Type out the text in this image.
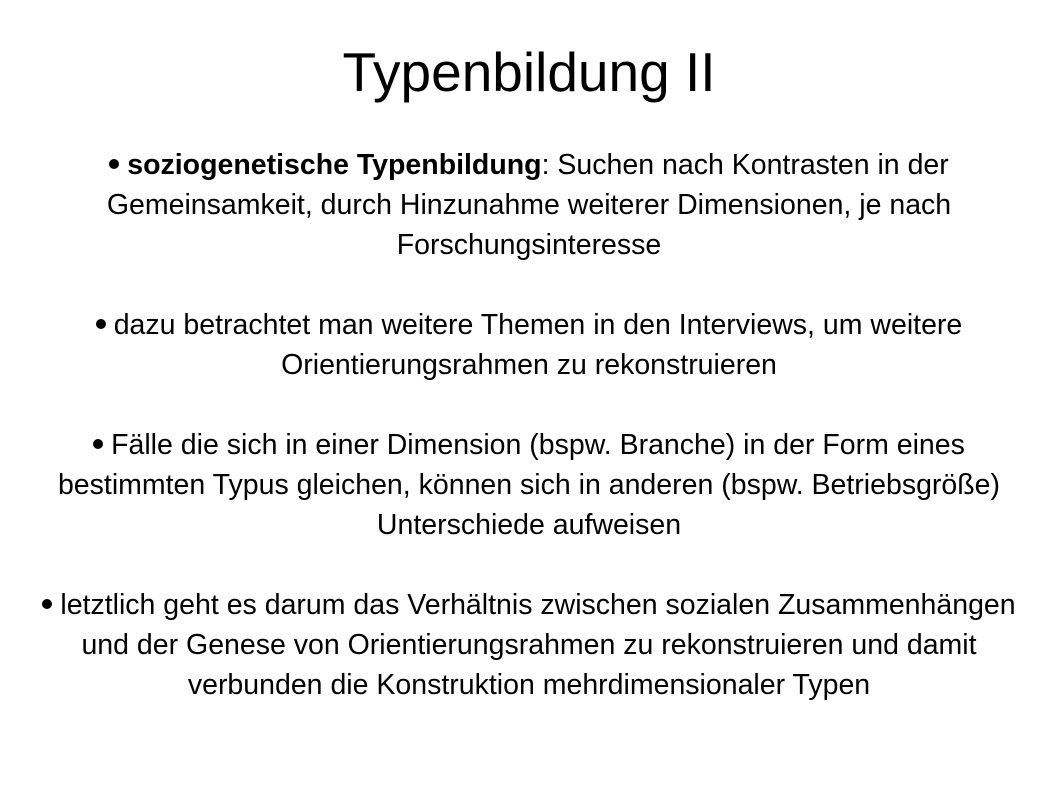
Typenbildung II
soziogenetische Typenbildung: Suchen nach Kontrasten in der Gemeinsamkeit, durch Hinzunahme weiterer Dimensionen, je nach Forschungsinteresse
dazu betrachtet man weitere Themen in den Interviews, um weitere Orientierungsrahmen zu rekonstruieren
Fälle die sich in einer Dimension (bspw. Branche) in der Form eines bestimmten Typus gleichen, können sich in anderen (bspw. Betriebsgröße) Unterschiede aufweisen
letztlich geht es darum das Verhältnis zwischen sozialen Zusammenhängen und der Genese von Orientierungsrahmen zu rekonstruieren und damit verbunden die Konstruktion mehrdimensionaler Typen
